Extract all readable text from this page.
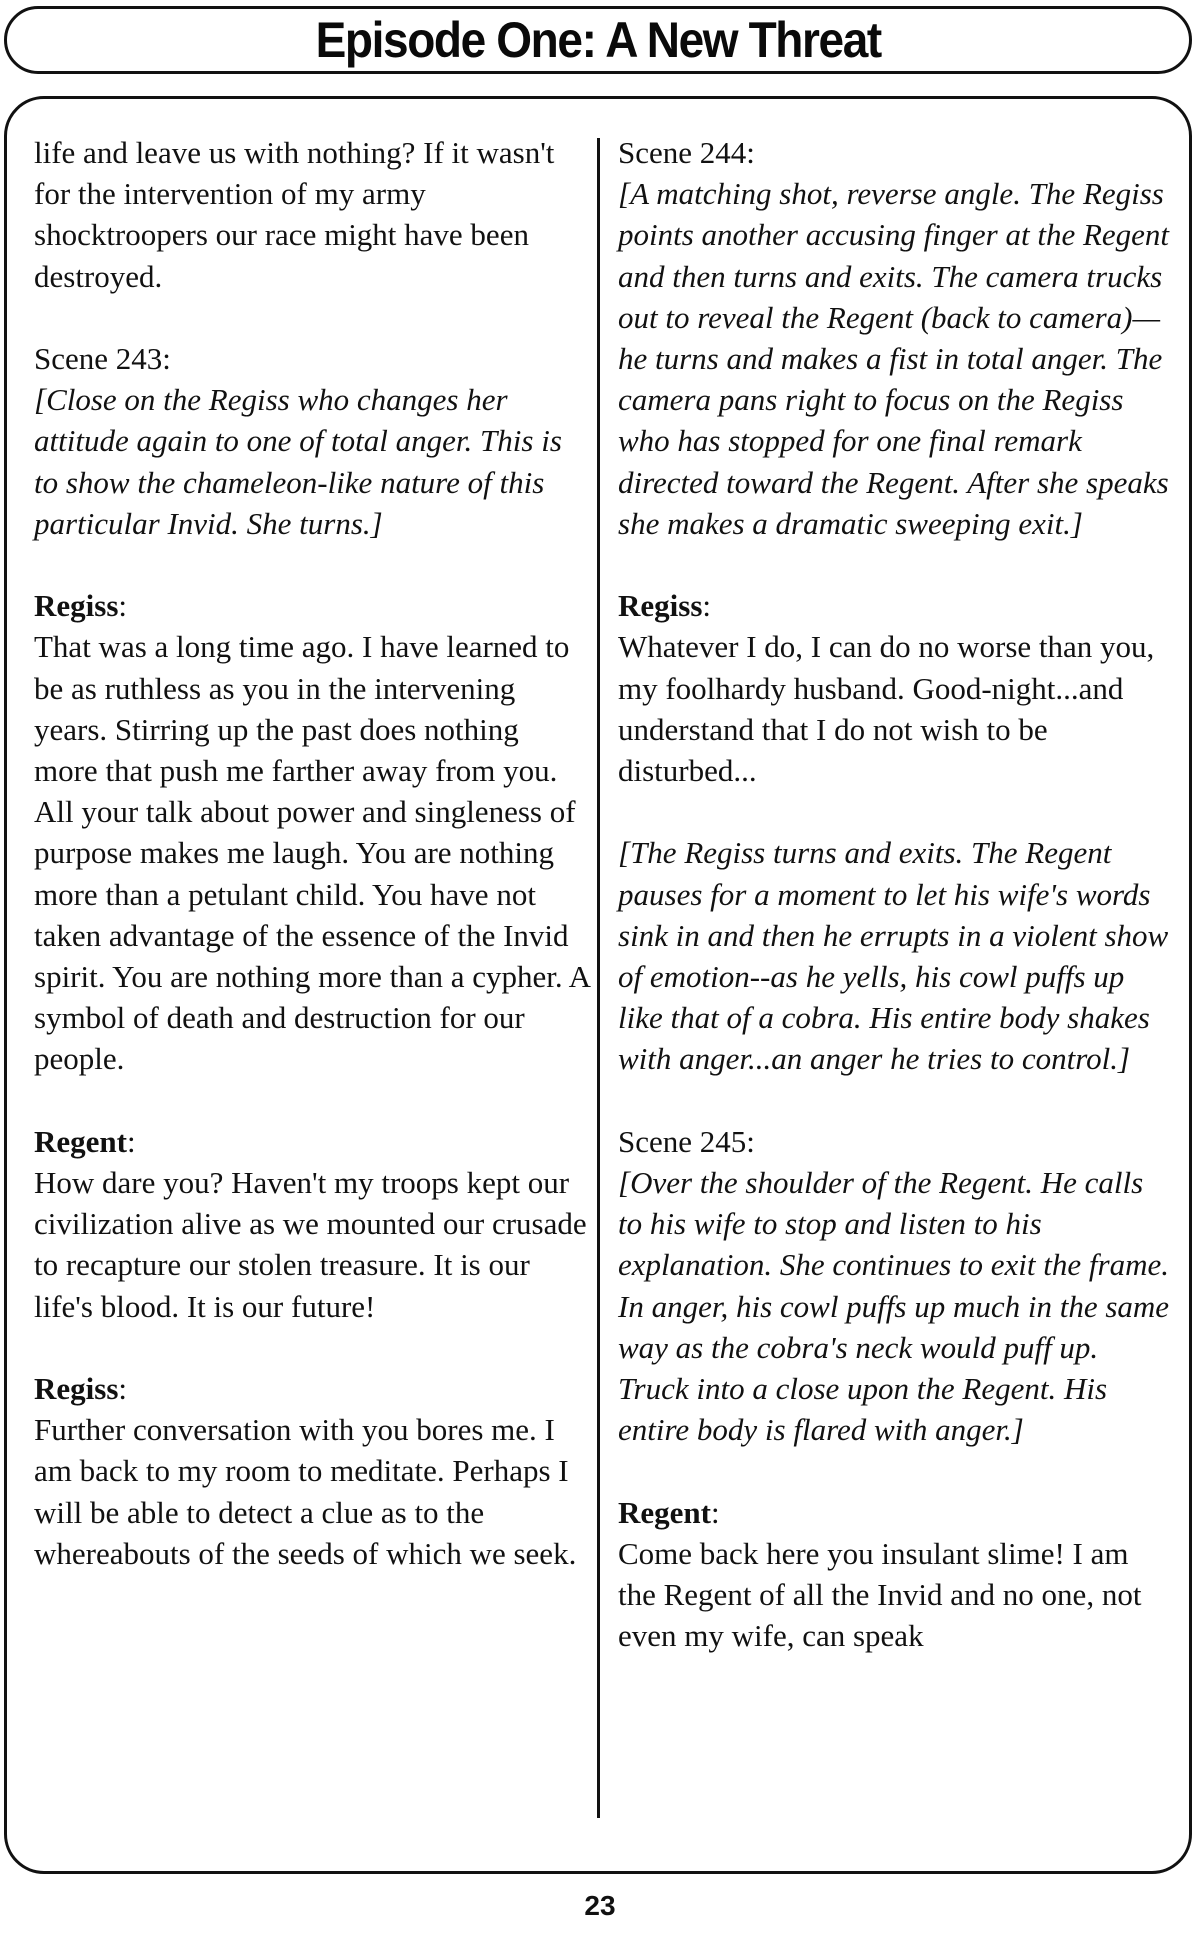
Episode One: A New Threat

life and leave us with nothing? If it wasn't for the intervention of my army shocktroopers our race might have been destroyed.

Scene 243:

[Close on the Regiss who changes her attitude again to one of total anger. This is to show the chameleon-like nature of this particular Invid. She turns.]

Regiss:

That was a long time ago. I have learned to be as ruthless as you in the intervening years. Stirring up the past does nothing more that push me farther away from you. All your talk about power and singleness of purpose makes me laugh. You are nothing more than a petulant child. You have not taken advantage of the essence of the Invid spirit. You are nothing more than a cypher. A symbol of death and destruction for our people.

Regent:

How dare you? Haven't my troops kept our civilization alive as we mounted our crusade to recapture our stolen treasure. It is our life's blood. It is our future!

Regiss:

Further conversation with you bores me. I am back to my room to meditate. Perhaps I will be able to detect a clue as to the whereabouts of the seeds of which we seek.

Scene 244:

[A matching shot, reverse angle. The Regiss points another accusing finger at the Regent and then turns and exits. The camera trucks out to reveal the Regent (back to camera)— he turns and makes a fist in total anger. The camera pans right to focus on the Regiss who has stopped for one final remark directed toward the Regent. After she speaks she makes a dramatic sweeping exit.]

Regiss:

Whatever I do, I can do no worse than you, my foolhardy husband. Good-night...and understand that I do not wish to be disturbed...

[The Regiss turns and exits. The Regent pauses for a moment to let his wife's words sink in and then he errupts in a violent show of emotion--as he yells, his cowl puffs up like that of a cobra. His entire body shakes with anger...an anger he tries to control.]

Scene 245:

[Over the shoulder of the Regent. He calls to his wife to stop and listen to his explanation. She continues to exit the frame. In anger, his cowl puffs up much in the same way as the cobra's neck would puff up. Truck into a close upon the Regent. His entire body is flared with anger.]

Regent:

Come back here you insulant slime! I am the Regent of all the Invid and no one, not even my wife, can speak

23
